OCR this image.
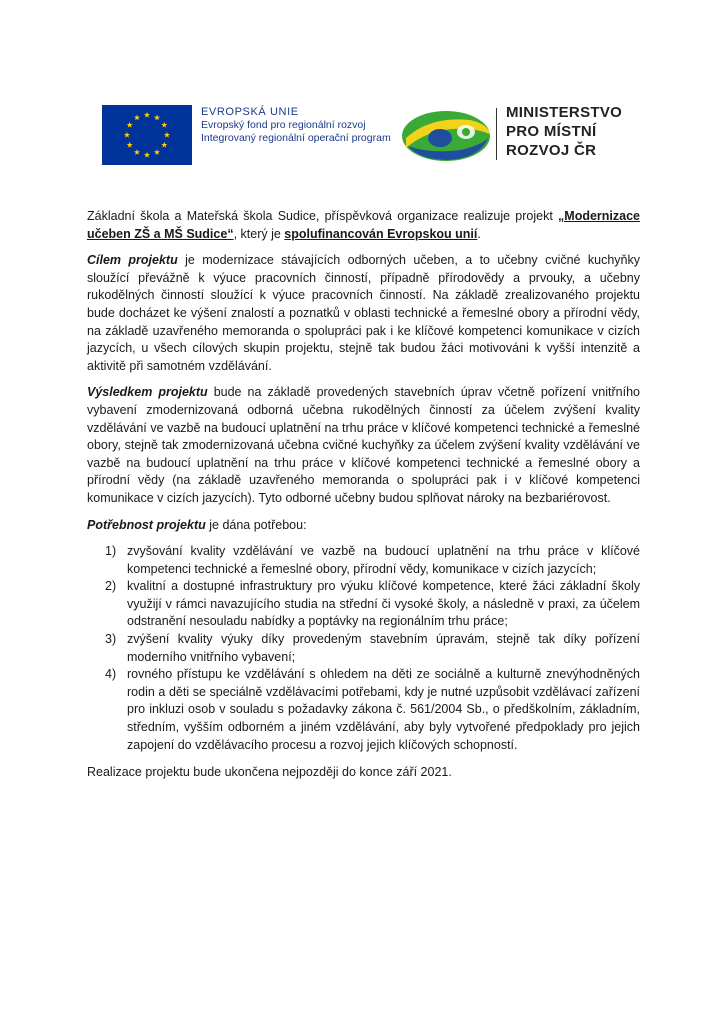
EVROPSKÁ UNIE
Evropský fond pro regionální rozvoj
Integrovaný regionální operační program
MINISTERSTVO
PRO MÍSTNÍ
ROZVOJ ČR

Základní škola a Mateřská škola Sudice, příspěvková organizace realizuje projekt „Modernizace učeben ZŠ a MŠ Sudice“, který je spolufinancován Evropskou unií.

Cílem projektu je modernizace stávajících odborných učeben, a to učebny cvičné kuchyňky sloužící převážně k výuce pracovních činností, případně přírodovědy a prvouky, a učebny rukodělných činností sloužící k výuce pracovních činností. Na základě zrealizovaného projektu bude docházet ke výšení znalostí a poznatků v oblasti technické a řemeslné obory a přírodní vědy, na základě uzavřeného memoranda o spolupráci pak i ke klíčové kompetenci komunikace v cizích jazycích, u všech cílových skupin projektu, stejně tak budou žáci motivováni k vyšší intenzitě a aktivitě při samotném vzdělávání.

Výsledkem projektu bude na základě provedených stavebních úprav včetně pořízení vnitřního vybavení zmodernizovaná odborná učebna rukodělných činností za účelem zvýšení kvality vzdělávání ve vazbě na budoucí uplatnění na trhu práce v klíčové kompetenci technické a řemeslné obory, stejně tak zmodernizovaná učebna cvičné kuchyňky za účelem zvýšení kvality vzdělávání ve vazbě na budoucí uplatnění na trhu práce v klíčové kompetenci technické a řemeslné obory a přírodní vědy (na základě uzavřeného memoranda o spolupráci pak i v klíčové kompetenci komunikace v cizích jazycích). Tyto odborné učebny budou splňovat nároky na bezbariérovost.

Potřebnost projektu je dána potřebou:

1) zvyšování kvality vzdělávání ve vazbě na budoucí uplatnění na trhu práce v klíčové kompetenci technické a řemeslné obory, přírodní vědy, komunikace v cizích jazycích;
2) kvalitní a dostupné infrastruktury pro výuku klíčové kompetence, které žáci základní školy využijí v rámci navazujícího studia na střední či vysoké školy, a následně v praxi, za účelem odstranění nesouladu nabídky a poptávky na regionálním trhu práce;
3) zvýšení kvality výuky díky provedeným stavebním úpravám, stejně tak díky pořízení moderního vnitřního vybavení;
4) rovného přístupu ke vzdělávání s ohledem na děti ze sociálně a kulturně znevýhodněných rodin a děti se speciálně vzdělávacími potřebami, kdy je nutné uzpůsobit vzdělávací zařízení pro inkluzi osob v souladu s požadavky zákona č. 561/2004 Sb., o předškolním, základním, středním, vyšším odborném a jiném vzdělávání, aby byly vytvořené předpoklady pro jejich zapojení do vzdělávacího procesu a rozvoj jejich klíčových schopností.

Realizace projektu bude ukončena nejpozději do konce září 2021.
